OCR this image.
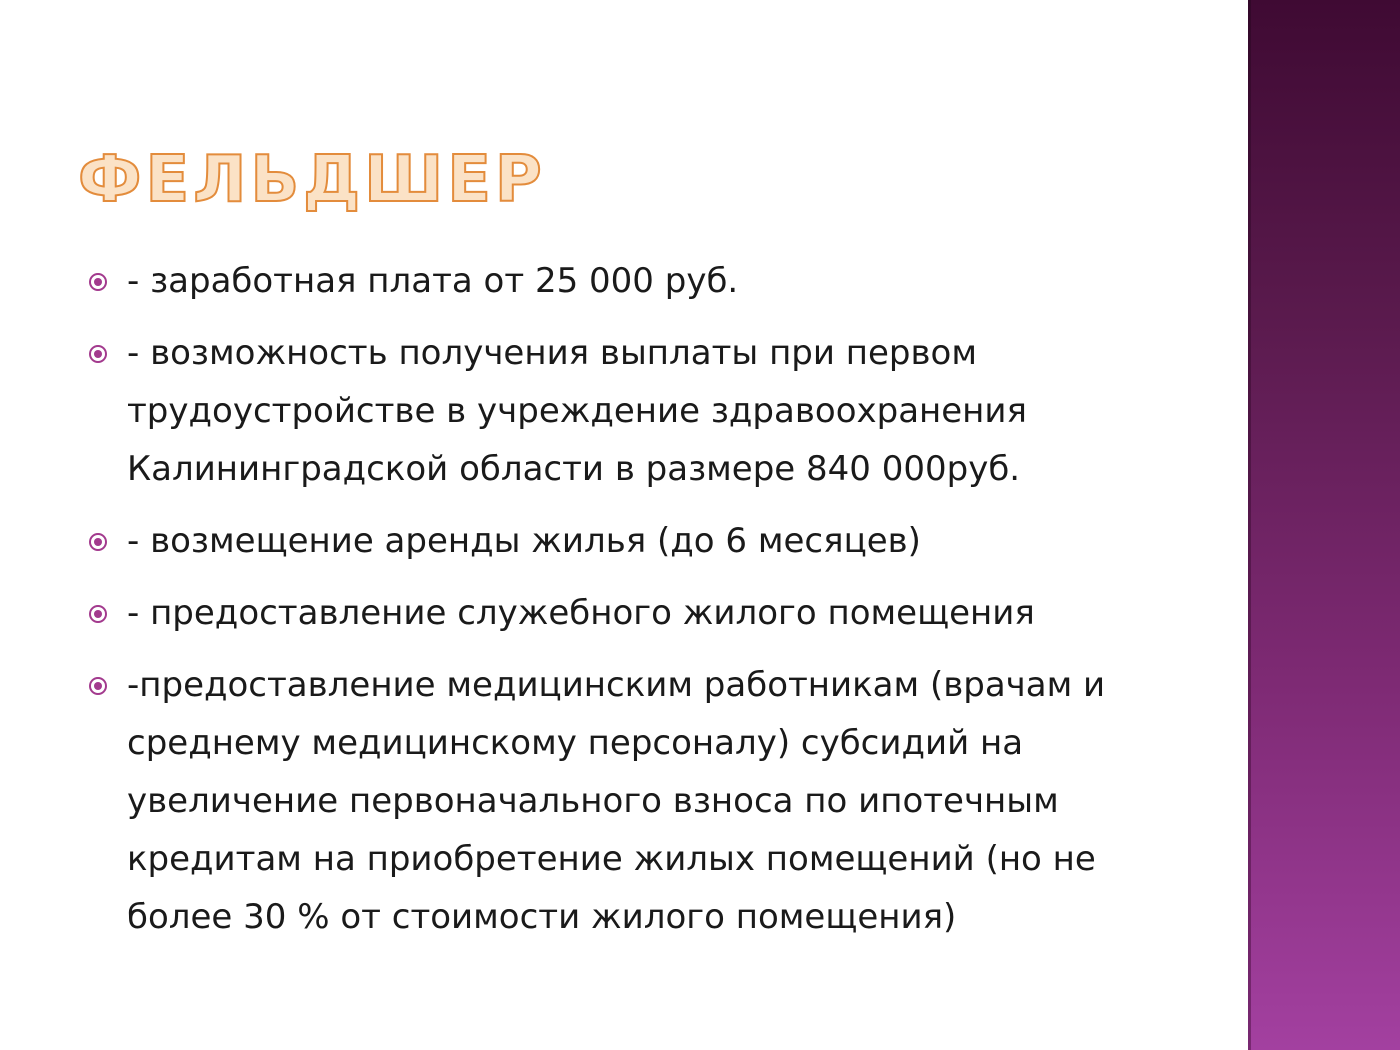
ФЕЛЬДШЕР
- заработная плата от 25 000 руб.
- возможность получения выплаты при первом трудоустройстве в учреждение здравоохранения Калининградской области в размере 840 000руб.
- возмещение аренды жилья (до 6 месяцев)
- предоставление служебного жилого помещения
-предоставление медицинским работникам (врачам и среднему медицинскому персоналу) субсидий на увеличение первоначального взноса по ипотечным кредитам на приобретение жилых помещений (но не более 30 % от стоимости жилого помещения)
